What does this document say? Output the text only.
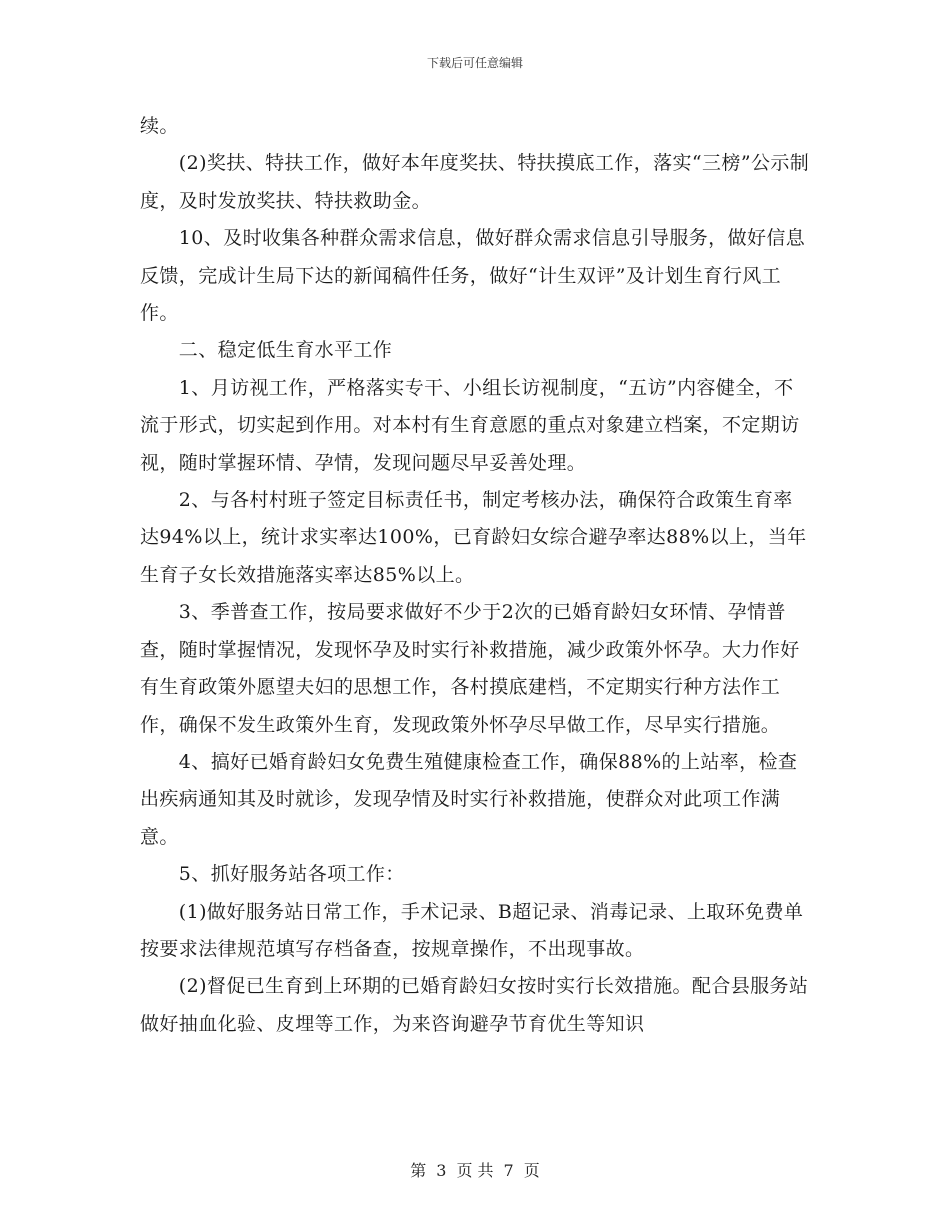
下载后可任意编辑

续。

　　(2)奖扶、特扶工作，做好本年度奖扶、特扶摸底工作，落实“三榜”公示制度，及时发放奖扶、特扶救助金。

　　10、及时收集各种群众需求信息，做好群众需求信息引导服务，做好信息反馈，完成计生局下达的新闻稿件任务，做好“计生双评”及计划生育行风工作。

　　二、稳定低生育水平工作

　　1、月访视工作，严格落实专干、小组长访视制度，“五访”内容健全，不流于形式，切实起到作用。对本村有生育意愿的重点对象建立档案，不定期访视，随时掌握环情、孕情，发现问题尽早妥善处理。

　　2、与各村村班子签定目标责任书，制定考核办法，确保符合政策生育率达94%以上，统计求实率达100%，已育龄妇女综合避孕率达88%以上，当年生育子女长效措施落实率达85%以上。

　　3、季普查工作，按局要求做好不少于2次的已婚育龄妇女环情、孕情普查，随时掌握情况，发现怀孕及时实行补救措施，减少政策外怀孕。大力作好有生育政策外愿望夫妇的思想工作，各村摸底建档，不定期实行种方法作工作，确保不发生政策外生育，发现政策外怀孕尽早做工作，尽早实行措施。

　　4、搞好已婚育龄妇女免费生殖健康检查工作，确保88%的上站率，检查出疾病通知其及时就诊，发现孕情及时实行补救措施，使群众对此项工作满意。

　　5、抓好服务站各项工作：

　　(1)做好服务站日常工作，手术记录、B超记录、消毒记录、上取环免费单按要求法律规范填写存档备查，按规章操作，不出现事故。

　　(2)督促已生育到上环期的已婚育龄妇女按时实行长效措施。配合县服务站做好抽血化验、皮埋等工作，为来咨询避孕节育优生等知识

第 3 页 共 7 页
